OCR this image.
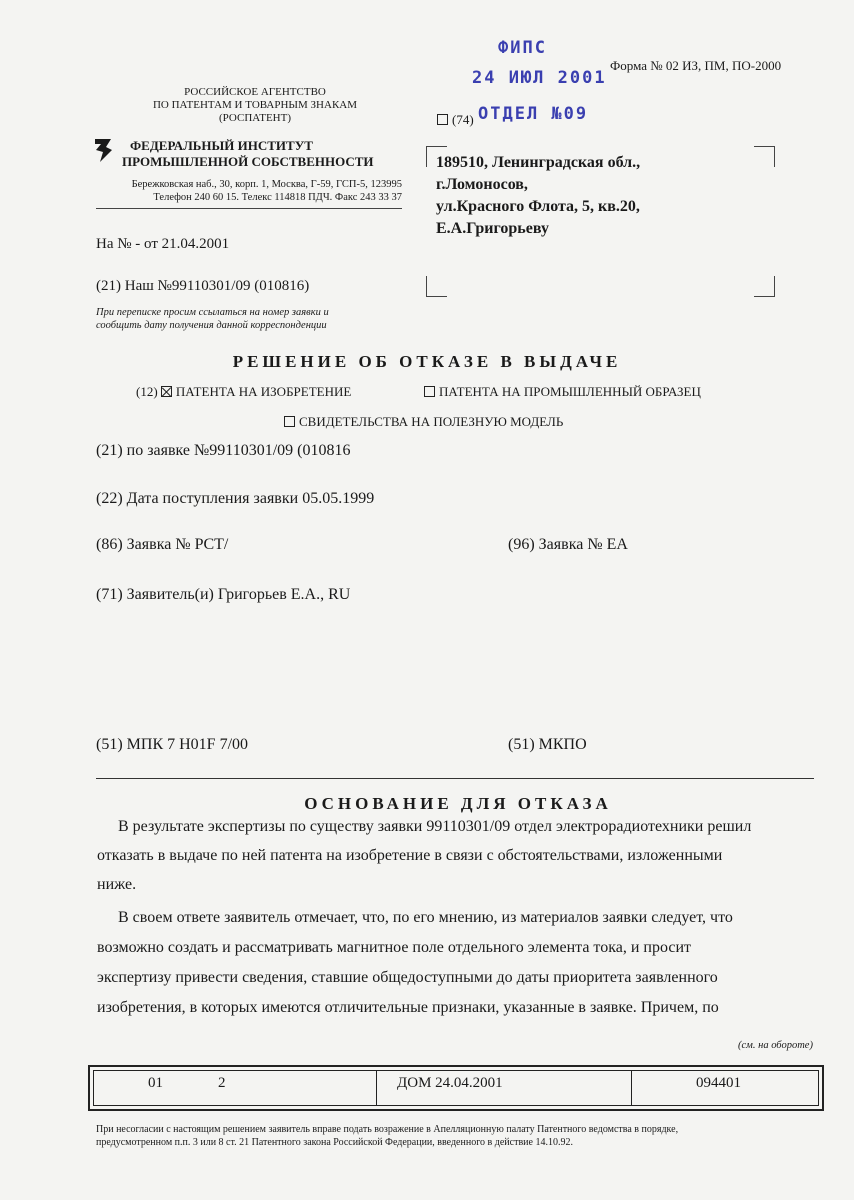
ФИПС
24 ИЮЛ 2001
ОТДЕЛ №09
Форма № 02 ИЗ, ПМ, ПО-2000
РОССИЙСКОЕ АГЕНТСТВО
ПО ПАТЕНТАМ И ТОВАРНЫМ ЗНАКАМ
(РОСПАТЕНТ)
ФЕДЕРАЛЬНЫЙ ИНСТИТУТ
ПРОМЫШЛЕННОЙ СОБСТВЕННОСТИ
Бережковская наб., 30, корп. 1, Москва, Г-59, ГСП-5, 123995
Телефон 240 60 15. Телекс 114818 ПДЧ. Факс 243 33 37
На № - от 21.04.2001
(21) Наш №99110301/09 (010816)
При переписке просим ссылаться на номер заявки и
сообщить дату получения данной корреспонденции
(74)
189510, Ленинградская обл.,
г.Ломоносов,
ул.Красного Флота, 5, кв.20,
Е.А.Григорьеву
РЕШЕНИЕ ОБ ОТКАЗЕ В ВЫДАЧЕ
(12) ПАТЕНТА НА ИЗОБРЕТЕНИЕ	ПАТЕНТА НА ПРОМЫШЛЕННЫЙ ОБРАЗЕЦ
СВИДЕТЕЛЬСТВА НА ПОЛЕЗНУЮ МОДЕЛЬ
(21) по заявке №99110301/09 (010816
(22) Дата поступления заявки 05.05.1999
(86) Заявка № PCT/	(96) Заявка № ЕА
(71) Заявитель(и) Григорьев Е.А., RU
(51) МПК 7 H01F 7/00	(51) МКПО
ОСНОВАНИЕ ДЛЯ ОТКАЗА
В результате экспертизы по существу заявки 99110301/09 отдел электрорадиотехники решил
отказать в выдаче по ней патента на изобретение в связи с обстоятельствами, изложенными
ниже.
В своем ответе заявитель отмечает, что, по его мнению, из материалов заявки следует, что
возможно создать и рассматривать магнитное поле отдельного элемента тока, и просит
экспертизу привести сведения, ставшие общедоступными до даты приоритета заявленного
изобретения, в которых имеются отличительные признаки, указанные в заявке. Причем, по
(см. на обороте)
01	2	ДОМ 24.04.2001	094401
При несогласии с настоящим решением заявитель вправе подать возражение в Апелляционную палату Патентного ведомства в порядке,
предусмотренном п.п. 3 или 8 ст. 21 Патентного закона Российской Федерации, введенного в действие 14.10.92.
